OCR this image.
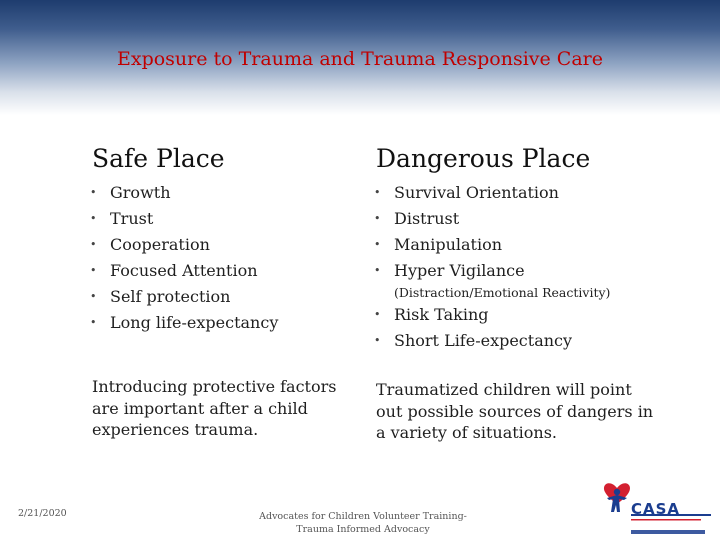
Exposure to Trauma and Trauma Responsive Care
Safe Place
• Growth
• Trust
• Cooperation
• Focused Attention
• Self protection
• Long life-expectancy
Dangerous Place
• Survival Orientation
• Distrust
• Manipulation
• Hyper Vigilance
(Distraction/Emotional Reactivity)
• Risk Taking
• Short Life-expectancy
Introducing protective factors are important after a child experiences trauma.
Traumatized children will point out possible sources of dangers in a variety of situations.
2/21/2020	Advocates for Children Volunteer Training-
Trauma Informed Advocacy
CASA
